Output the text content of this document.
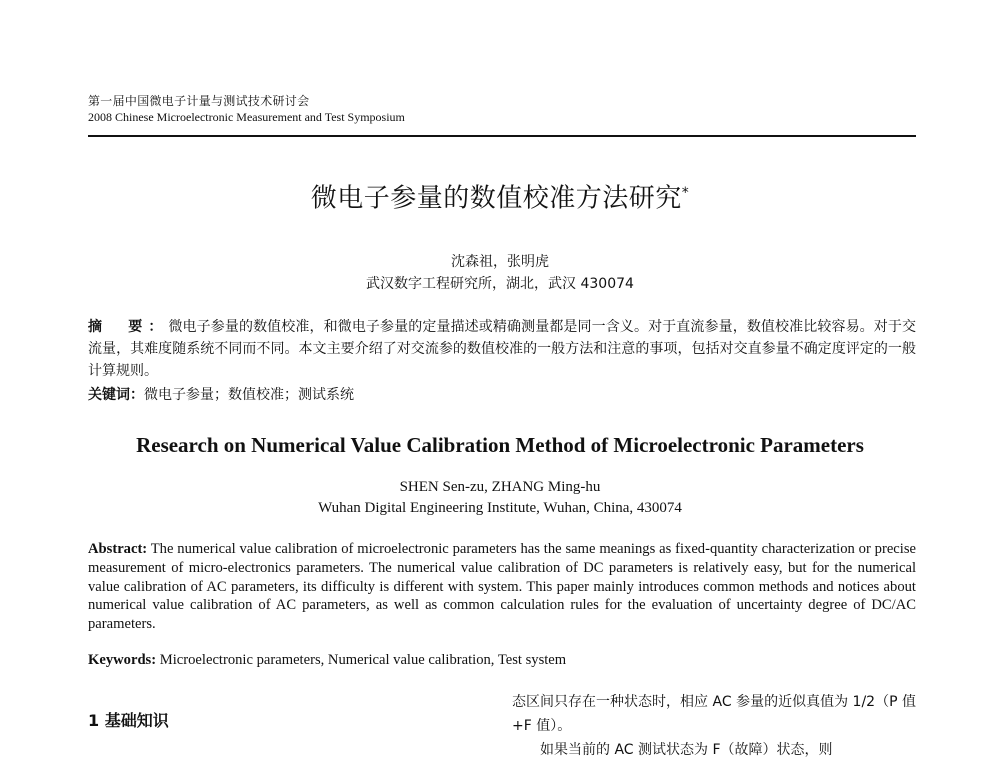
第一届中国微电子计量与测试技术研讨会
2008 Chinese Microelectronic Measurement and Test Symposium
微电子参量的数值校准方法研究*
沈森祖，张明虎
武汉数字工程研究所，湖北，武汉 430074

摘　要：微电子参量的数值校准，和微电子参量的定量描述或精确测量都是同一含义。对于直流参量，数值校准比较容易。对于交流量，其难度随系统不同而不同。本文主要介绍了对交流参的数值校准的一般方法和注意的事项，包括对交直参量不确定度评定的一般计算规则。

关键词：微电子参量；数值校准；测试系统
Research on Numerical Value Calibration Method of Microelectronic Parameters
SHEN Sen-zu, ZHANG Ming-hu
Wuhan Digital Engineering Institute, Wuhan, China, 430074

Abstract: The numerical value calibration of microelectronic parameters has the same meanings as fixed-quantity characterization or precise measurement of micro-electronics parameters. The numerical value calibration of DC parameters is relatively easy, but for the numerical value calibration of AC parameters, its difficulty is different with system. This paper mainly introduces common methods and notices about numerical value calibration of AC parameters, as well as common calculation rules for the evaluation of uncertainty degree of DC/AC parameters.

Keywords: Microelectronic parameters, Numerical value calibration, Test system
1 基础知识

态区间只存在一种状态时，相应 AC 参量的近似真值为 1/2（P 值+F 值）。

如果当前的 AC 测试状态为 F（故障）状态，则
